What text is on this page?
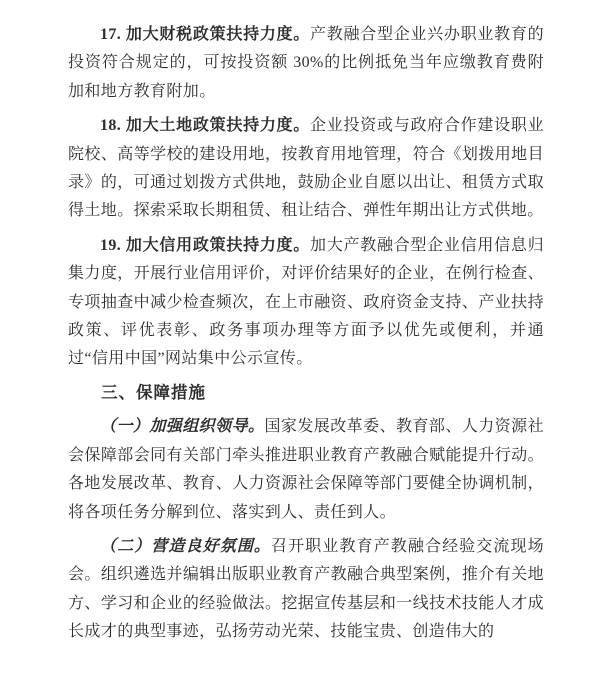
17. 加大财税政策扶持力度。产教融合型企业兴办职业教育的投资符合规定的，可按投资额 30%的比例抵免当年应缴教育费附加和地方教育附加。

18. 加大土地政策扶持力度。企业投资或与政府合作建设职业院校、高等学校的建设用地，按教育用地管理，符合《划拨用地目录》的，可通过划拨方式供地，鼓励企业自愿以出让、租赁方式取得土地。探索采取长期租赁、租让结合、弹性年期出让方式供地。

19. 加大信用政策扶持力度。加大产教融合型企业信用信息归集力度，开展行业信用评价，对评价结果好的企业，在例行检查、专项抽查中减少检查频次，在上市融资、政府资金支持、产业扶持政策、评优表彰、政务事项办理等方面予以优先或便利，并通过“信用中国”网站集中公示宣传。

三、保障措施

（一）加强组织领导。国家发展改革委、教育部、人力资源社会保障部会同有关部门牵头推进职业教育产教融合赋能提升行动。各地发展改革、教育、人力资源社会保障等部门要健全协调机制，将各项任务分解到位、落实到人、责任到人。

（二）营造良好氛围。召开职业教育产教融合经验交流现场会。组织遴选并编辑出版职业教育产教融合典型案例，推介有关地方、学习和企业的经验做法。挖据宣传基层和一线技术技能人才成长成才的典型事迹，弘扬劳动光荣、技能宝贵、创造伟大的
